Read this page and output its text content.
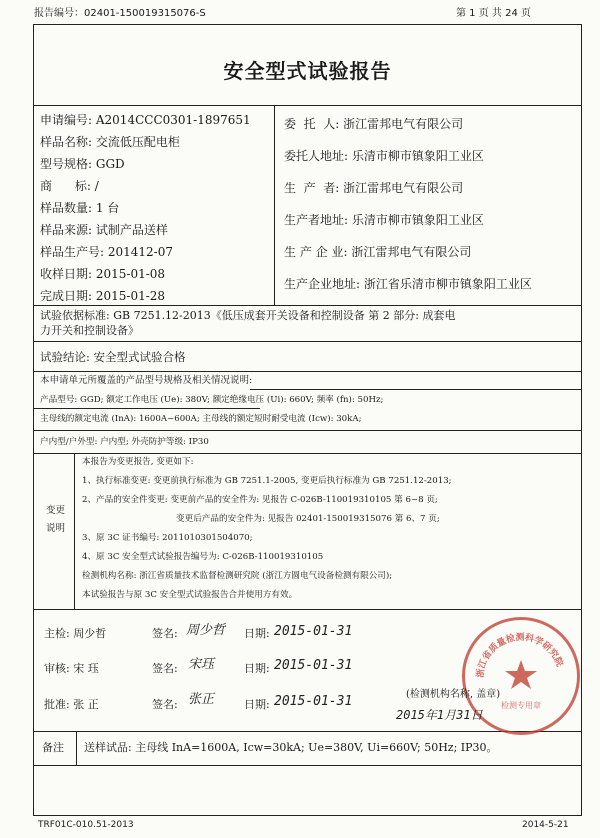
报告编号：02401-150019315076-S	第 1 页 共 24 页
安全型式试验报告
申请编号: A2014CCC0301-1897651
样品名称: 交流低压配电柜
型号规格: GGD
商      标: /
样品数量: 1 台
样品来源: 试制产品送样
样品生产号: 201412-07
收样日期: 2015-01-08
完成日期: 2015-01-28
委  托  人: 浙江雷邦电气有限公司
委托人地址: 乐清市柳市镇象阳工业区
生  产  者: 浙江雷邦电气有限公司
生产者地址: 乐清市柳市镇象阳工业区
生 产 企 业: 浙江雷邦电气有限公司
生产企业地址: 浙江省乐清市柳市镇象阳工业区
试验依据标准: GB 7251.12-2013《低压成套开关设备和控制设备 第 2 部分: 成套电
力开关和控制设备》
试验结论: 安全型式试验合格
本申请单元所覆盖的产品型号规格及相关情况说明:
产品型号: GGD; 额定工作电压 (Ue): 380V; 额定绝缘电压 (Ui): 660V; 频率 (fn): 50Hz;
主母线的额定电流 (InA): 1600A~600A; 主母线的额定短时耐受电流 (Icw): 30kA;
户内型/户外型: 户内型; 外壳防护等级: IP30
变更
说明
本报告为变更报告, 变更如下:
1、执行标准变更: 变更前执行标准为 GB 7251.1-2005, 变更后执行标准为 GB 7251.12-2013;
2、产品的安全件变更: 变更前产品的安全件为: 见报告 C-026B-110019310105 第 6~8 页;
变更后产品的安全件为: 见报告 02401-150019315076 第 6、7 页;
3、原 3C 证书编号: 2011010301504070;
4、原 3C 安全型式试验报告编号为: C-026B-110019310105
检测机构名称: 浙江省质量技术监督检测研究院 (浙江方圆电气设备检测有限公司);
本试验报告与原 3C 安全型式试验报告合并使用方有效。
主检: 周少哲	签名: 周少哲 日期: 2015-01-31
审核: 宋 珏	签名: 宋珏	日期: 2015-01-31
批准: 张 正	签名: 张正	日期: 2015-01-31
浙江省质量检测科学研究院
检测专用章
(检测机构名称, 盖章)
2015年1月31日
备注 送样试品: 主母线 InA=1600A, Icw=30kA; Ue=380V, Ui=660V; 50Hz; IP30。
TRF01C-010.51-2013	2014-5-21
